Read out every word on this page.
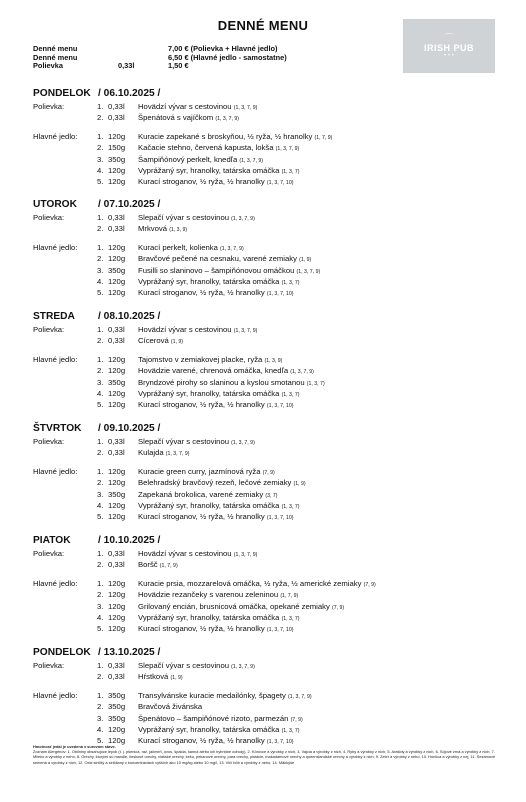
DENNÉ MENU
⌒
IRISH PUB
• • •
Denné menu	7,00 € (Polievka + Hlavné jedlo)
Denné menu	6,50 € (Hlavné jedlo - samostatne)
Polievka	0,33l	1,50 €
PONDELOK / 06.10.2025 /
Polievka:	1. 0,33l Hovädzí vývar s cestovinou (1, 3, 7, 9)
2. 0,33l Špenátová s vajíčkom (1, 3, 7, 9)
Hlavné jedlo:	1. 120g Kuracie zapekané s broskyňou, ½ ryža, ½ hranolky (1, 7, 9)
2. 150g Kačacie stehno, červená kapusta, lokša (1, 3, 7, 9)
3. 350g Šampiňónový perkelt, knedľa (1, 3, 7, 9)
4. 120g Vyprážaný syr, hranolky, tatárska omáčka (1, 3, 7)
5. 120g Kurací stroganov, ½ ryža, ½ hranolky (1, 3, 7, 10)
UTOROK / 07.10.2025 /
Polievka:	1. 0,33l Slepačí vývar s cestovinou (1, 3, 7, 9)
2. 0,33l Mrkvová (1, 3, 9)
Hlavné jedlo:	1. 120g Kurací perkelt, kolienka (1, 3, 7, 9)
2. 120g Bravčové pečené na cesnaku, varené zemiaky (1, 9)
3. 350g Fusilli so slaninovo – šampiňónovou omáčkou (1, 3, 7, 9)
4. 120g Vyprážaný syr, hranolky, tatárska omáčka (1, 3, 7)
5. 120g Kurací stroganov, ½ ryža, ½ hranolky (1, 3, 7, 10)
STREDA / 08.10.2025 /
Polievka:	1. 0,33l Hovädzí vývar s cestovinou (1, 3, 7, 9)
2. 0,33l Cícerová (1, 9)
Hlavné jedlo:	1. 120g Tajomstvo v zemiakovej placke, ryža (1, 3, 9)
2. 120g Hovädzie varené, chrenová omáčka, knedľa (1, 3, 7, 9)
3. 350g Bryndzové pirohy so slaninou a kyslou smotanou (1, 3, 7)
4. 120g Vyprážaný syr, hranolky, tatárska omáčka (1, 3, 7)
5. 120g Kurací stroganov, ½ ryža, ½ hranolky (1, 3, 7, 10)
ŠTVRTOK / 09.10.2025 /
Polievka:	1. 0,33l Slepačí vývar s cestovinou (1, 3, 7, 9)
2. 0,33l Kulajda (1, 3, 7, 9)
Hlavné jedlo:	1. 120g Kuracie green curry, jazmínová ryža (7, 9)
2. 120g Belehradský bravčový rezeň, lečové zemiaky (1, 9)
3. 350g Zapekaná brokolica, varené zemiaky (3, 7)
4. 120g Vyprážaný syr, hranolky, tatárska omáčka (1, 3, 7)
5. 120g Kurací stroganov, ½ ryža, ½ hranolky (1, 3, 7, 10)
PIATOK	/ 10.10.2025 /
Polievka:	1. 0,33l Hovädzí vývar s cestovinou (1, 3, 7, 9)
2. 0,33l Boršč (1, 7, 9)
Hlavné jedlo:	1. 120g Kuracie prsia, mozzarelová omáčka, ½ ryža, ½ americké zemiaky (7, 9)
2. 120g Hovädzie rezančeky s varenou zeleninou (1, 7, 9)
3. 120g Grilovaný encián, brusnicová omáčka, opekané zemiaky (7, 9)
4. 120g Vyprážaný syr, hranolky, tatárska omáčka (1, 3, 7)
5. 120g Kurací stroganov, ½ ryža, ½ hranolky (1, 3, 7, 10)
PONDELOK / 13.10.2025 /
Polievka:	1. 0,33l Slepačí vývar s cestovinou (1, 3, 7, 9)
2. 0,33l Hŕstková (1, 9)
Hlavné jedlo:	1. 350g Transylvánske kuracie medailónky, špagety (1, 3, 7, 9)
2. 350g Bravčová živánska
3. 350g Špenátovo – šampiňónové rizoto, parmezán (7, 9)
4. 120g Vyprážaný syr, hranolky, tatárska omáčka (1, 3, 7)
5. 120g Kurací stroganov, ½ ryža, ½ hranolky (1, 3, 7, 10)
Hmotnosť jedál je uvedená v surovom stave.
Zoznam Alergénov: 1. Obilniny obsahujúce lepok (t. j. pšenica, raž, jačmeň, ovos, špalda, kamut alebo ich hybridné odrody), 2. Kôrovce a výrobky z nich, 3. Vajcia a výrobky z nich, 4. Ryby a výrobky z nich, 5. Arašidy a výrobky z nich, 6. Sójové zrná a výrobky z nich, 7. Mlieko a výrobky z neho, 8. Orechy, ktorými sú mandle, lieskové orechy, vlašské orechy, kešu, pekanové orechy, para orechy, pistácie, makadamové orechy a queenslandské orechy a výrobky z nich, 9. Zeler a výrobky z neho, 10. Horčica a výrobky z nej, 11. Sezamové semená a výrobky z nich, 12. Oxid siričitý a siričitany v koncentráciách vyšších ako 10 mg/kg alebo 10 mg/l, 13. Vlčí bôb a výrobky z neho, 14. Mäkkýše
